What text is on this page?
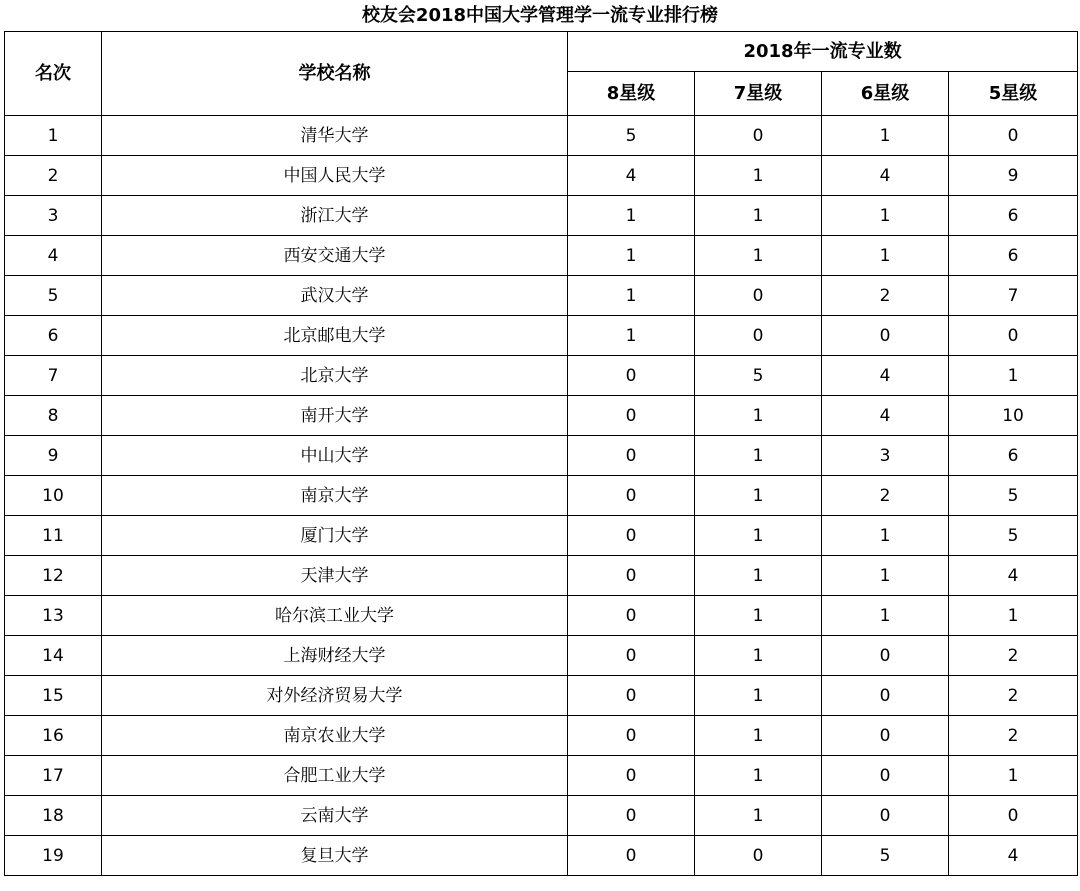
校友会2018中国大学管理学一流专业排行榜
名次	学校名称	2018年一流专业数			
		8星级	7星级	6星级	5星级
1	清华大学	5	0	1	0
2	中国人民大学	4	1	4	9
3	浙江大学	1	1	1	6
4	西安交通大学	1	1	1	6
5	武汉大学	1	0	2	7
6	北京邮电大学	1	0	0	0
7	北京大学	0	5	4	1
8	南开大学	0	1	4	10
9	中山大学	0	1	3	6
10	南京大学	0	1	2	5
11	厦门大学	0	1	1	5
12	天津大学	0	1	1	4
13	哈尔滨工业大学	0	1	1	1
14	上海财经大学	0	1	0	2
15	对外经济贸易大学	0	1	0	2
16	南京农业大学	0	1	0	2
17	合肥工业大学	0	1	0	1
18	云南大学	0	1	0	0
19	复旦大学	0	0	5	4
